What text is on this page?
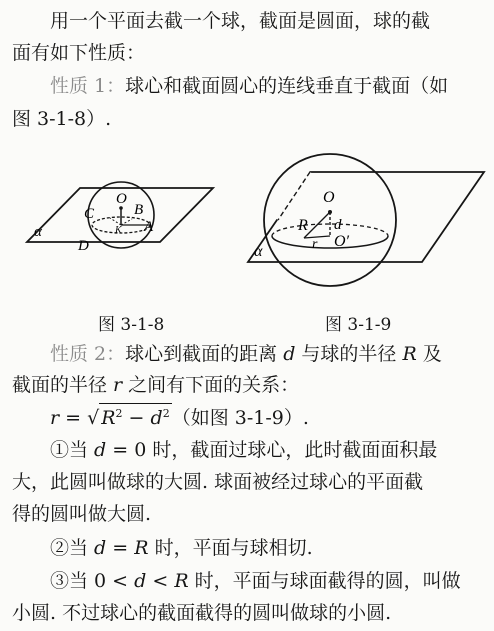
用一个平面去截一个球，截面是圆面，球的截
面有如下性质：
性质 1：球心和截面圆心的连线垂直于截面（如
图 3-1-8）.
O
C	B
K A
D
α
O
R d
r O′
α
图 3-1-8	图 3-1-9
性质 2：球心到截面的距离 d 与球的半径 R 及
截面的半径 r 之间有下面的关系：
r = √ $R^2 - d^2$ （如图 3-1-9）.
①当 d = 0 时，截面过球心，此时截面面积最
大，此圆叫做球的大圆. 球面被经过球心的平面截
得的圆叫做大圆.
②当 d = R 时，平面与球相切.
③当 0 < d < R 时，平面与球面截得的圆，叫做
小圆. 不过球心的截面截得的圆叫做球的小圆.
